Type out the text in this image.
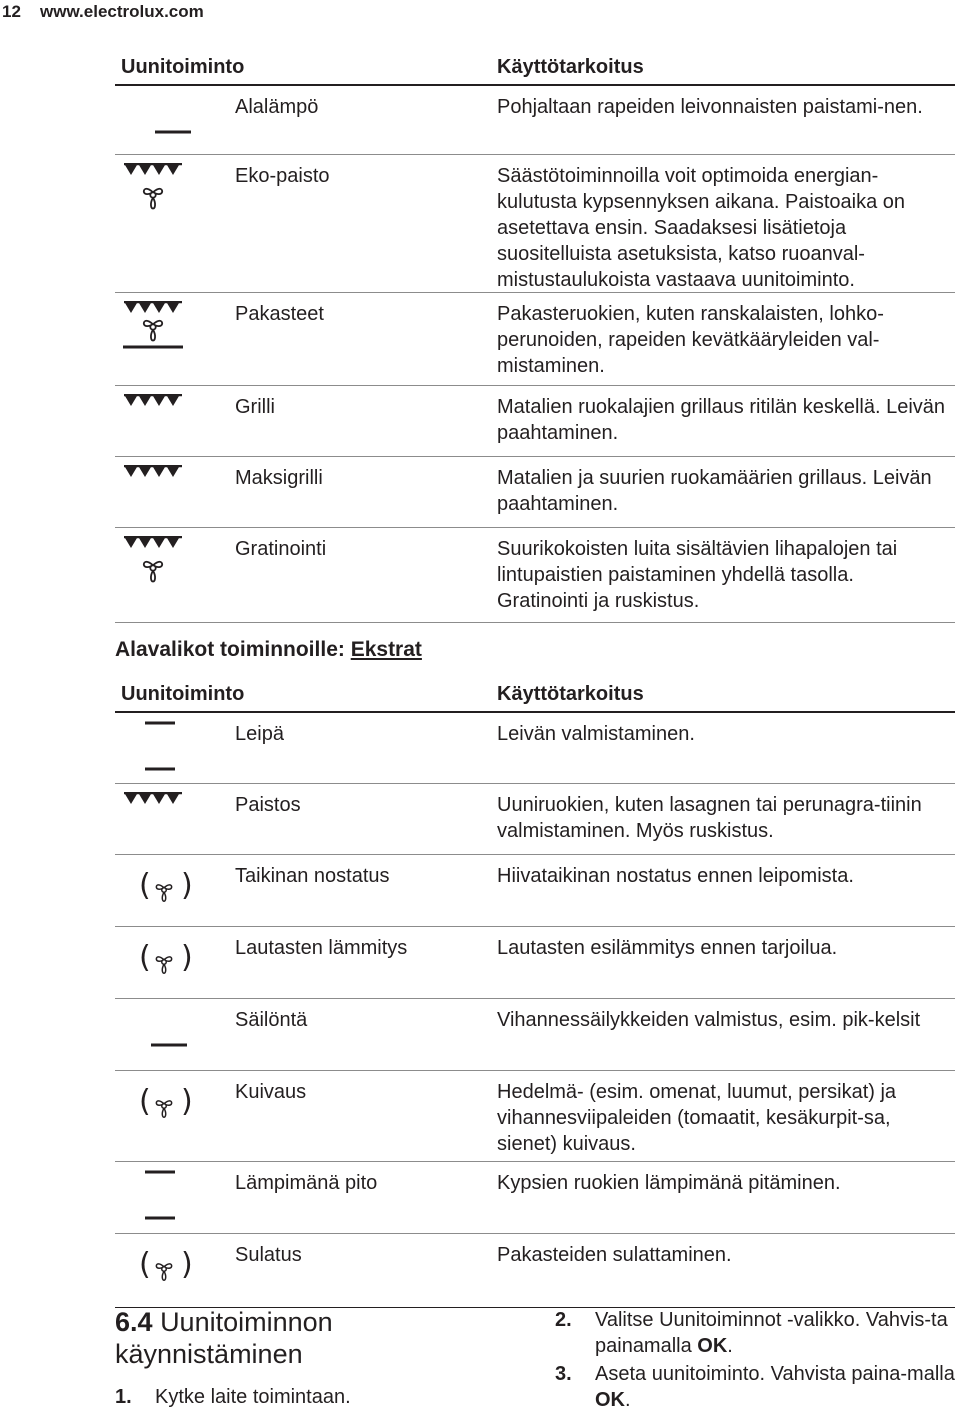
12 www.electrolux.com
Uunitoiminto	Käyttötarkoitus
Alalämpö	Pohjaltaan rapeiden leivonnaisten paistami-nen.
Eko-paisto	Säästötoiminnoilla voit optimoida energian-kulutusta kypsennyksen aikana. Paistoaika on asetettava ensin. Saadaksesi lisätietoja suositelluista asetuksista, katso ruoanval-mistustaulukoista vastaava uunitoiminto.
Pakasteet	Pakasteruokien, kuten ranskalaisten, lohko-perunoiden, rapeiden kevätkääryleiden val-mistaminen.
Grilli	Matalien ruokalajien grillaus ritilän keskellä. Leivän paahtaminen.
Maksigrilli	Matalien ja suurien ruokamäärien grillaus. Leivän paahtaminen.
Gratinointi	Suurikokoisten luita sisältävien lihapalojen tai lintupaistien paistaminen yhdellä tasolla. Gratinointi ja ruskistus.
Alavalikot toiminnoille: Ekstrat
Uunitoiminto	Käyttötarkoitus
Leipä	Leivän valmistaminen.
Paistos	Uuniruokien, kuten lasagnen tai perunagra-tiinin valmistaminen. Myös ruskistus.
( ) Taikinan nostatus	Hiivataikinan nostatus ennen leipomista.
( ) Lautasten lämmitys	Lautasten esilämmitys ennen tarjoilua.
Säilöntä	Vihannessäilykkeiden valmistus, esim. pik-kelsit
( ) Kuivaus	Hedelmä- (esim. omenat, luumut, persikat) ja vihannesviipaleiden (tomaatit, kesäkurpit-sa, sienet) kuivaus.
Lämpimänä pito	Kypsien ruokien lämpimänä pitäminen.
( ) Sulatus	Pakasteiden sulattaminen.
6.4 Uunitoiminnon käynnistäminen
1. Kytke laite toimintaan.
2. Valitse Uunitoiminnot -valikko. Vahvis-ta painamalla OK.
3. Aseta uunitoiminto. Vahvista paina-malla OK.
